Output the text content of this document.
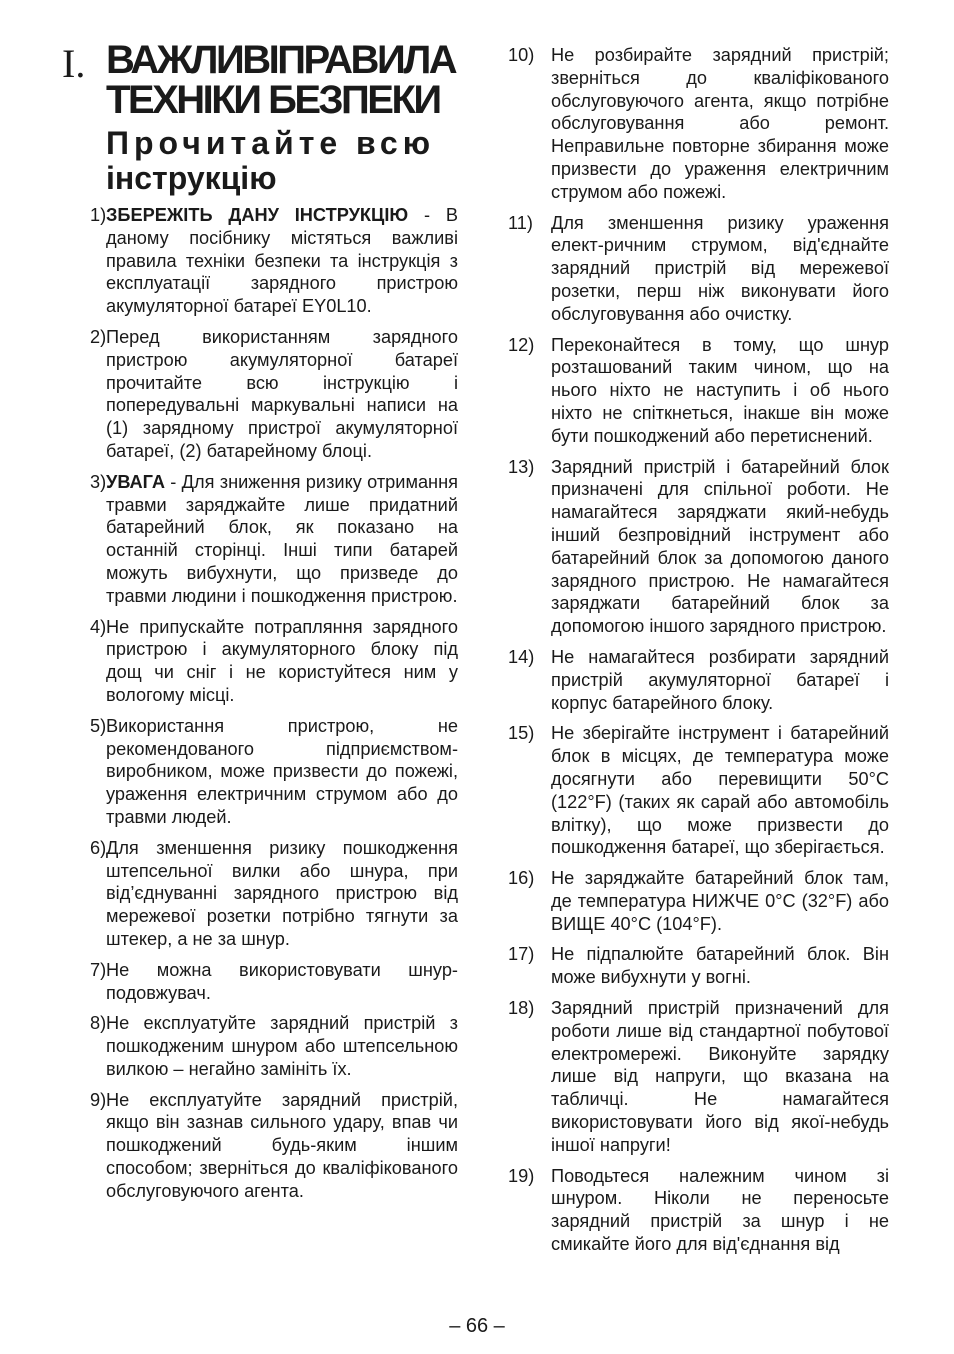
I. ВАЖЛИВІПРАВИЛА
ТЕХНІКИ БЕЗПЕКИ
Прочитайте всю
інструкцію
1) ЗБЕРЕЖІТЬ ДАНУ ІНСТРУКЦІЮ - В даному посібнику містяться важливі правила техніки безпеки та інструкція з експлуатації зарядного пристрою акумуляторної батареї EY0L10.
2) Перед використанням зарядного пристрою акумуляторної батареї прочитайте всю інструкцію і попередувальні маркувальні написи на (1) зарядному пристрої акумуляторної батареї, (2) батарейному блоці.
3) УВАГА - Для зниження ризику отримання травми заряджайте лише придатний батарейний блок, як показано на останній сторінці. Інші типи батарей можуть вибухнути, що призведе до травми людини і пошкодження пристрою.
4) Не припускайте потрапляння зарядного пристрою і акумуляторного блоку під дощ чи сніг і не користуйтеся ним у вологому місці.
5) Використання пристрою, не рекомендованого підприємством-виробником, може призвести до пожежі, ураження електричним струмом або до травми людей.
6) Для зменшення ризику пошкодження штепсельної вилки або шнура, при від’єднуванні зарядного пристрою від мережевої розетки потрібно тягнути за штекер, а не за шнур.
7) Не можна використовувати шнур-подовжувач.
8) Не експлуатуйте зарядний пристрій з пошкодженим шнуром або штепсельною вилкою – негайно замініть їх.
9) Не експлуатуйте зарядний пристрій, якщо він зазнав сильного удару, впав чи пошкоджений будь-яким іншим способом; зверніться до кваліфікованого обслуговуючого агента.
10) Не розбирайте зарядний пристрій; зверніться до кваліфікованого обслуговуючого агента, якщо потрібне обслуговування або ремонт. Неправильне повторне збирання може призвести до ураження електричним струмом або пожежі.
11) Для зменшення ризику ураження елект-ричним струмом, від'єднайте зарядний пристрій від мережевої розетки, перш ніж виконувати його обслуговування або очистку.
12) Переконайтеся в тому, що шнур розташований таким чином, що на нього ніхто не наступить і об нього ніхто не спіткнеться, інакше він може бути пошкоджений або перетиснений.
13) Зарядний пристрій і батарейний блок призначені для спільної роботи. Не намагайтеся заряджати який-небудь інший безпровідний інструмент або батарейний блок за допомогою даного зарядного пристрою. Не намагайтеся заряджати батарейний блок за допомогою іншого зарядного пристрою.
14) Не намагайтеся розбирати зарядний пристрій акумуляторної батареї і корпус батарейного блоку.
15) Не зберігайте інструмент і батарейний блок в місцях, де температура може досягнути або перевищити 50°C (122°F) (таких як сарай або автомобіль влітку), що може призвести до пошкодження батареї, що зберігається.
16) Не заряджайте батарейний блок там, де температура НИЖЧЕ 0°C (32°F) або ВИЩЕ 40°C (104°F).
17) Не підпалюйте батарейний блок. Він може вибухнути у вогні.
18) Зарядний пристрій призначений для роботи лише від стандартної побутової електромережі. Виконуйте зарядку лише від напруги, що вказана на табличці. Не намагайтеся використовувати його від якої-небудь іншої напруги!
19) Поводьтеся належним чином зі шнуром. Ніколи не переносьте зарядний пристрій за шнур і не смикайте його для від'єднання від
– 66 –
